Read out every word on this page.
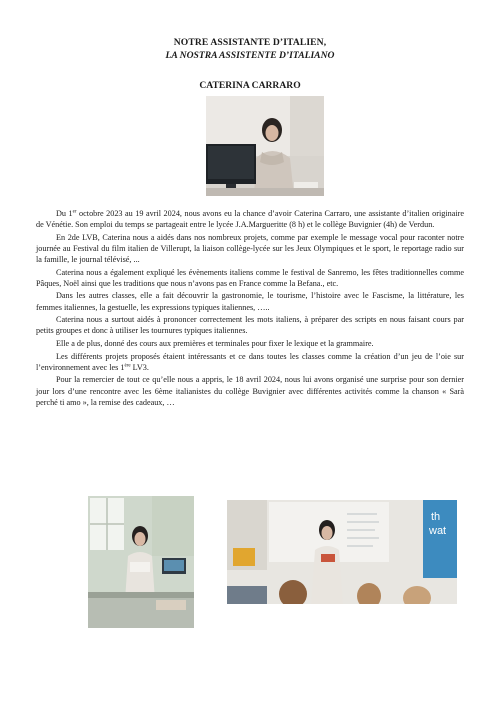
NOTRE ASSISTANTE D’ITALIEN,
LA NOSTRA ASSISTENTE D’ITALIANO
CATERINA CARRARO

Du 1er octobre 2023 au 19 avril 2024, nous avons eu la chance d’avoir Caterina Carraro, une assistante d’italien originaire de Vénétie. Son emploi du temps se partageait entre le lycée J.A.Margueritte (8 h) et le collège Buvignier (4h) de Verdun.

En 2de LVB, Caterina nous a aidés dans nos nombreux projets, comme par exemple le message vocal pour raconter notre journée au Festival du film italien de Villerupt, la liaison collège-lycée sur les Jeux Olympiques et le sport, le reportage radio sur la famille, le journal télévisé, ...

Caterina nous a également expliqué les évènements italiens comme le festival de Sanremo, les fêtes traditionnelles comme Pâques, Noël ainsi que les traditions que nous n’avons pas en France comme la Befana., etc.

Dans les autres classes, elle a fait découvrir la gastronomie, le tourisme, l’histoire avec le Fascisme, la littérature, les femmes italiennes, la gestuelle, les expressions typiques italiennes, …..

Caterina nous a surtout aidés à prononcer correctement les mots italiens, à préparer des scripts en nous faisant cours par petits groupes et donc à utiliser les tournures typiques italiennes.

Elle a de plus, donné des cours aux premières et terminales pour fixer le lexique et la grammaire.

Les différents projets proposés étaient intéressants et ce dans toutes les classes comme la création d’un jeu de l’oie sur l’environnement avec les 1ère LV3.

Pour la remercier de tout ce qu’elle nous a appris, le 18 avril 2024, nous lui avons organisé une surprise pour son dernier jour lors d’une rencontre avec les 6ème italianistes du collège Buvignier avec différentes activités comme la chanson « Sarà perché ti amo », la remise des cadeaux, …

th
wat
